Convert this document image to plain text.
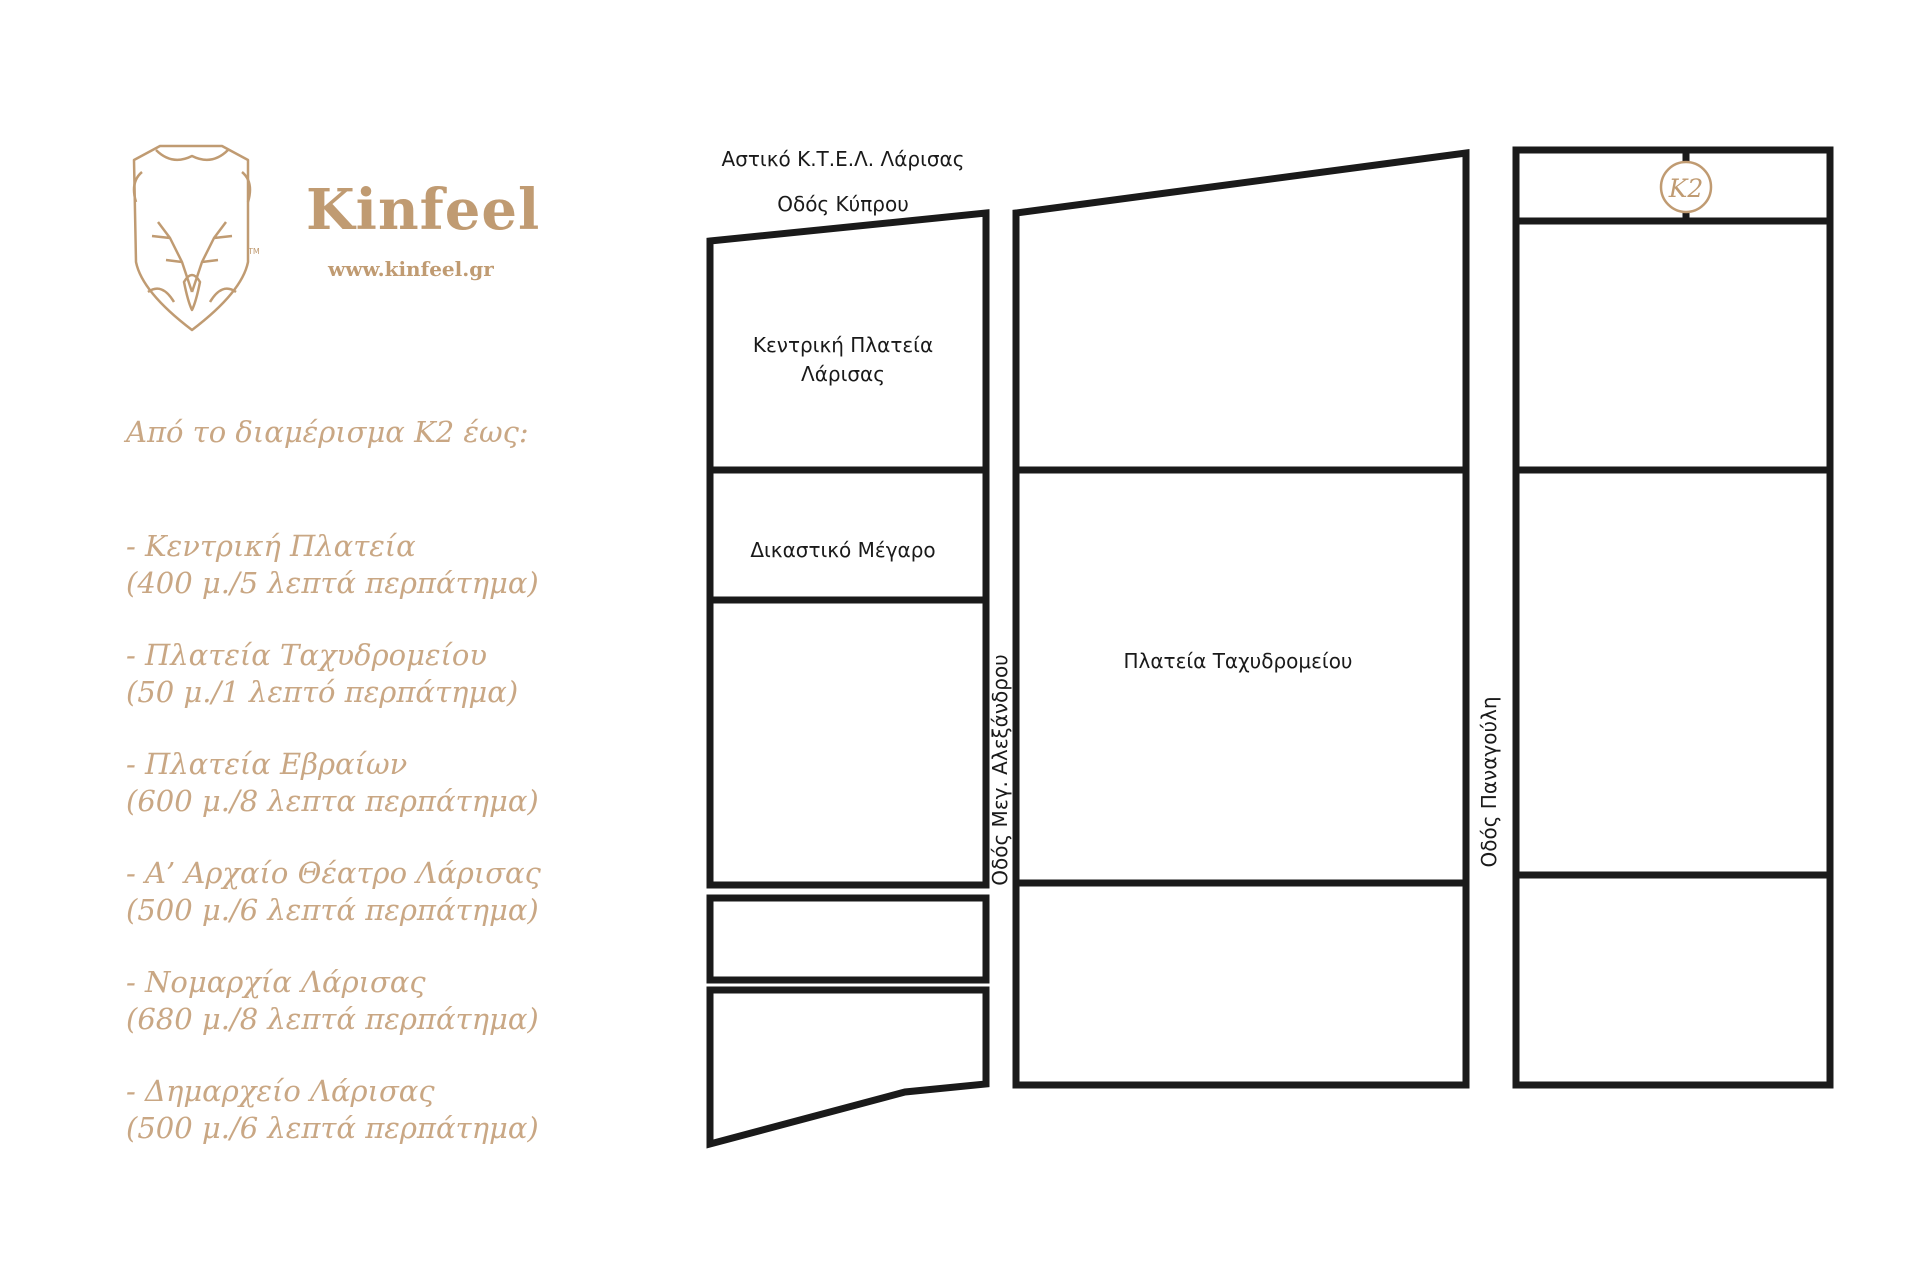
TM
Kinfeel
www.kinfeel.gr
Από το διαμέρισμα Κ2 έως:
- Κεντρική Πλατεία
(400 μ./5 λεπτά περπάτημα)
- Πλατεία Ταχυδρομείου
(50 μ./1 λεπτό περπάτημα)
- Πλατεία Εβραίων
(600 μ./8 λεπτα περπάτημα)
- Α’ Αρχαίο Θέατρο Λάρισας
(500 μ./6 λεπτά περπάτημα)
- Νομαρχία Λάρισας
(680 μ./8 λεπτά περπάτημα)
- Δημαρχείο Λάρισας
(500 μ./6 λεπτά περπάτημα)
K2
Αστικό Κ.Τ.Ε.Λ. Λάρισας
Οδός Κύπρου
Κεντρική Πλατεία
Λάρισας
Δικαστικό Μέγαρο
Πλατεία Ταχυδρομείου
Οδός Μεγ. Αλεξάνδρου	Οδός Παναγούλη
